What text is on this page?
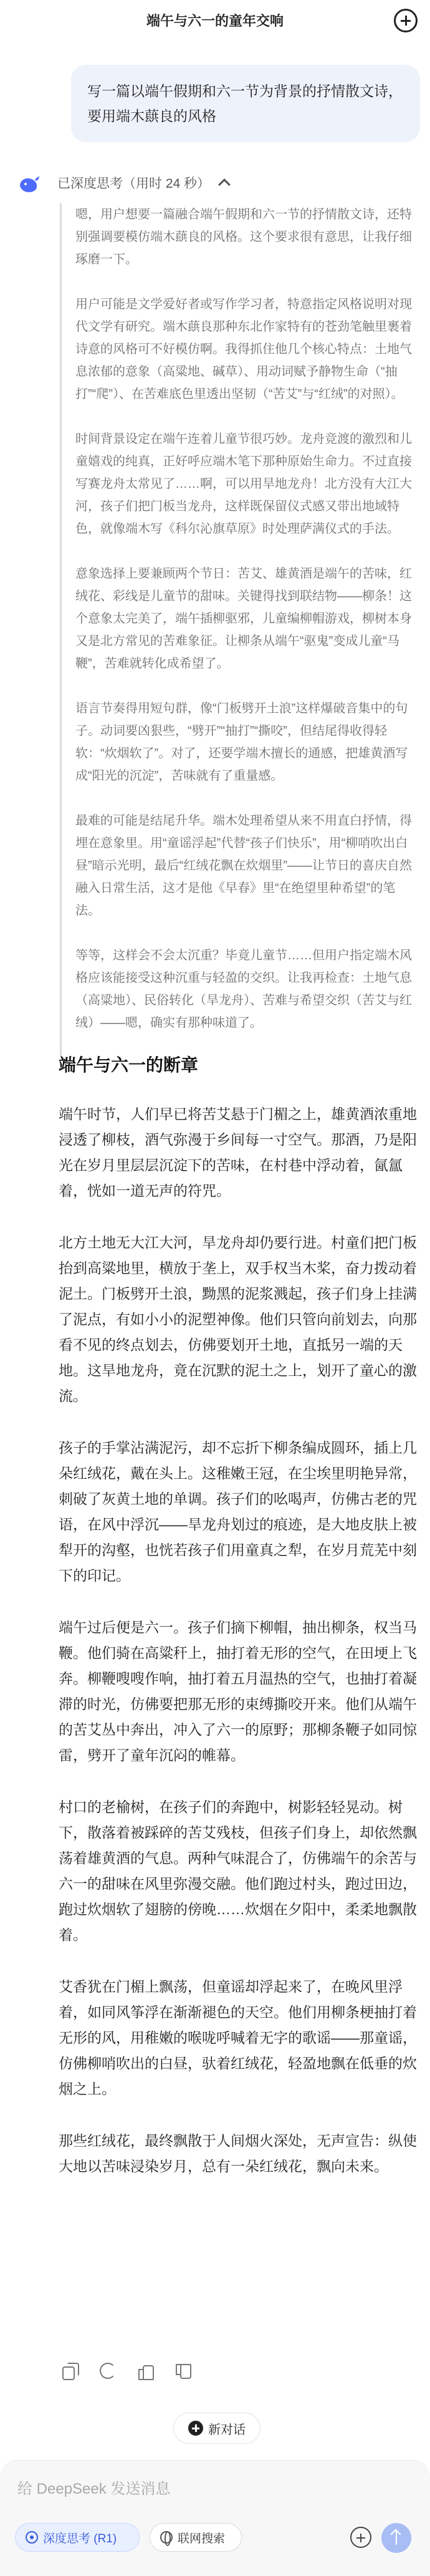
端午与六一的童年交响
写一篇以端午假期和六一节为背景的抒情散文诗，要用端木蕻良的风格
已深度思考（用时 24 秒）

嗯，用户想要一篇融合端午假期和六一节的抒情散文诗，还特别强调要模仿端木蕻良的风格。这个要求很有意思，让我仔细琢磨一下。

用户可能是文学爱好者或写作学习者，特意指定风格说明对现代文学有研究。端木蕻良那种东北作家特有的苍劲笔触里裹着诗意的风格可不好模仿啊。我得抓住他几个核心特点：土地气息浓郁的意象（高粱地、碱草）、用动词赋予静物生命（“抽打”“爬”）、在苦难底色里透出坚韧（“苦艾”与“红绒”的对照）。

时间背景设定在端午连着儿童节很巧妙。龙舟竞渡的激烈和儿童嬉戏的纯真，正好呼应端木笔下那种原始生命力。不过直接写赛龙舟太常见了……啊，可以用旱地龙舟！北方没有大江大河，孩子们把门板当龙舟，这样既保留仪式感又带出地域特色，就像端木写《科尔沁旗草原》时处理萨满仪式的手法。

意象选择上要兼顾两个节日：苦艾、雄黄酒是端午的苦味，红绒花、彩线是儿童节的甜味。关键得找到联结物——柳条！这个意象太完美了，端午插柳驱邪，儿童编柳帽游戏，柳树本身又是北方常见的苦难象征。让柳条从端午“驱鬼”变成儿童“马鞭”，苦难就转化成希望了。

语言节奏得用短句群，像“门板劈开土浪”这样爆破音集中的句子。动词要凶狠些，“劈开”“抽打”“撕咬”，但结尾得收得轻软：“炊烟软了”。对了，还要学端木擅长的通感，把雄黄酒写成“阳光的沉淀”，苦味就有了重量感。

最难的可能是结尾升华。端木处理希望从来不用直白抒情，得埋在意象里。用“童谣浮起”代替“孩子们快乐”，用“柳哨吹出白昼”暗示光明，最后“红绒花飘在炊烟里”——让节日的喜庆自然融入日常生活，这才是他《早春》里“在绝望里种希望”的笔法。

等等，这样会不会太沉重？毕竟儿童节……但用户指定端木风格应该能接受这种沉重与轻盈的交织。让我再检查：土地气息（高粱地）、民俗转化（旱龙舟）、苦难与希望交织（苦艾与红绒）——嗯，确实有那种味道了。

端午与六一的断章

端午时节，人们早已将苦艾悬于门楣之上，雄黄酒浓重地浸透了柳枝，酒气弥漫于乡间每一寸空气。那酒，乃是阳光在岁月里层层沉淀下的苦味，在村巷中浮动着，氤氲着，恍如一道无声的符咒。

北方土地无大江大河，旱龙舟却仍要行进。村童们把门板抬到高粱地里，横放于垄上，双手权当木桨，奋力拨动着泥土。门板劈开土浪，黝黑的泥浆溅起，孩子们身上挂满了泥点，有如小小的泥塑神像。他们只管向前划去，向那看不见的终点划去，仿佛要划开土地，直抵另一端的天地。这旱地龙舟，竟在沉默的泥土之上，划开了童心的激流。

孩子的手掌沾满泥污，却不忘折下柳条编成圆环，插上几朵红绒花，戴在头上。这稚嫩王冠，在尘埃里明艳异常，刺破了灰黄土地的单调。孩子们的吆喝声，仿佛古老的咒语，在风中浮沉——旱龙舟划过的痕迹，是大地皮肤上被犁开的沟壑，也恍若孩子们用童真之犁，在岁月荒芜中刻下的印记。

端午过后便是六一。孩子们摘下柳帽，抽出柳条，权当马鞭。他们骑在高粱秆上，抽打着无形的空气，在田埂上飞奔。柳鞭嗖嗖作响，抽打着五月温热的空气，也抽打着凝滞的时光，仿佛要把那无形的束缚撕咬开来。他们从端午的苦艾丛中奔出，冲入了六一的原野；那柳条鞭子如同惊雷，劈开了童年沉闷的帷幕。

村口的老榆树，在孩子们的奔跑中，树影轻轻晃动。树下，散落着被踩碎的苦艾残枝，但孩子们身上，却依然飘荡着雄黄酒的气息。两种气味混合了，仿佛端午的余苦与六一的甜味在风里弥漫交融。他们跑过村头，跑过田边，跑过炊烟软了翅膀的傍晚……炊烟在夕阳中，柔柔地飘散着。

艾香犹在门楣上飘荡，但童谣却浮起来了，在晚风里浮着，如同风筝浮在渐渐褪色的天空。他们用柳条梗抽打着无形的风，用稚嫩的喉咙呼喊着无字的歌谣——那童谣，仿佛柳哨吹出的白昼，驮着红绒花，轻盈地飘在低垂的炊烟之上。

那些红绒花，最终飘散于人间烟火深处，无声宣告：纵使大地以苦味浸染岁月，总有一朵红绒花，飘向未来。

新对话
给 DeepSeek 发送消息
深度思考 (R1)	联网搜索
